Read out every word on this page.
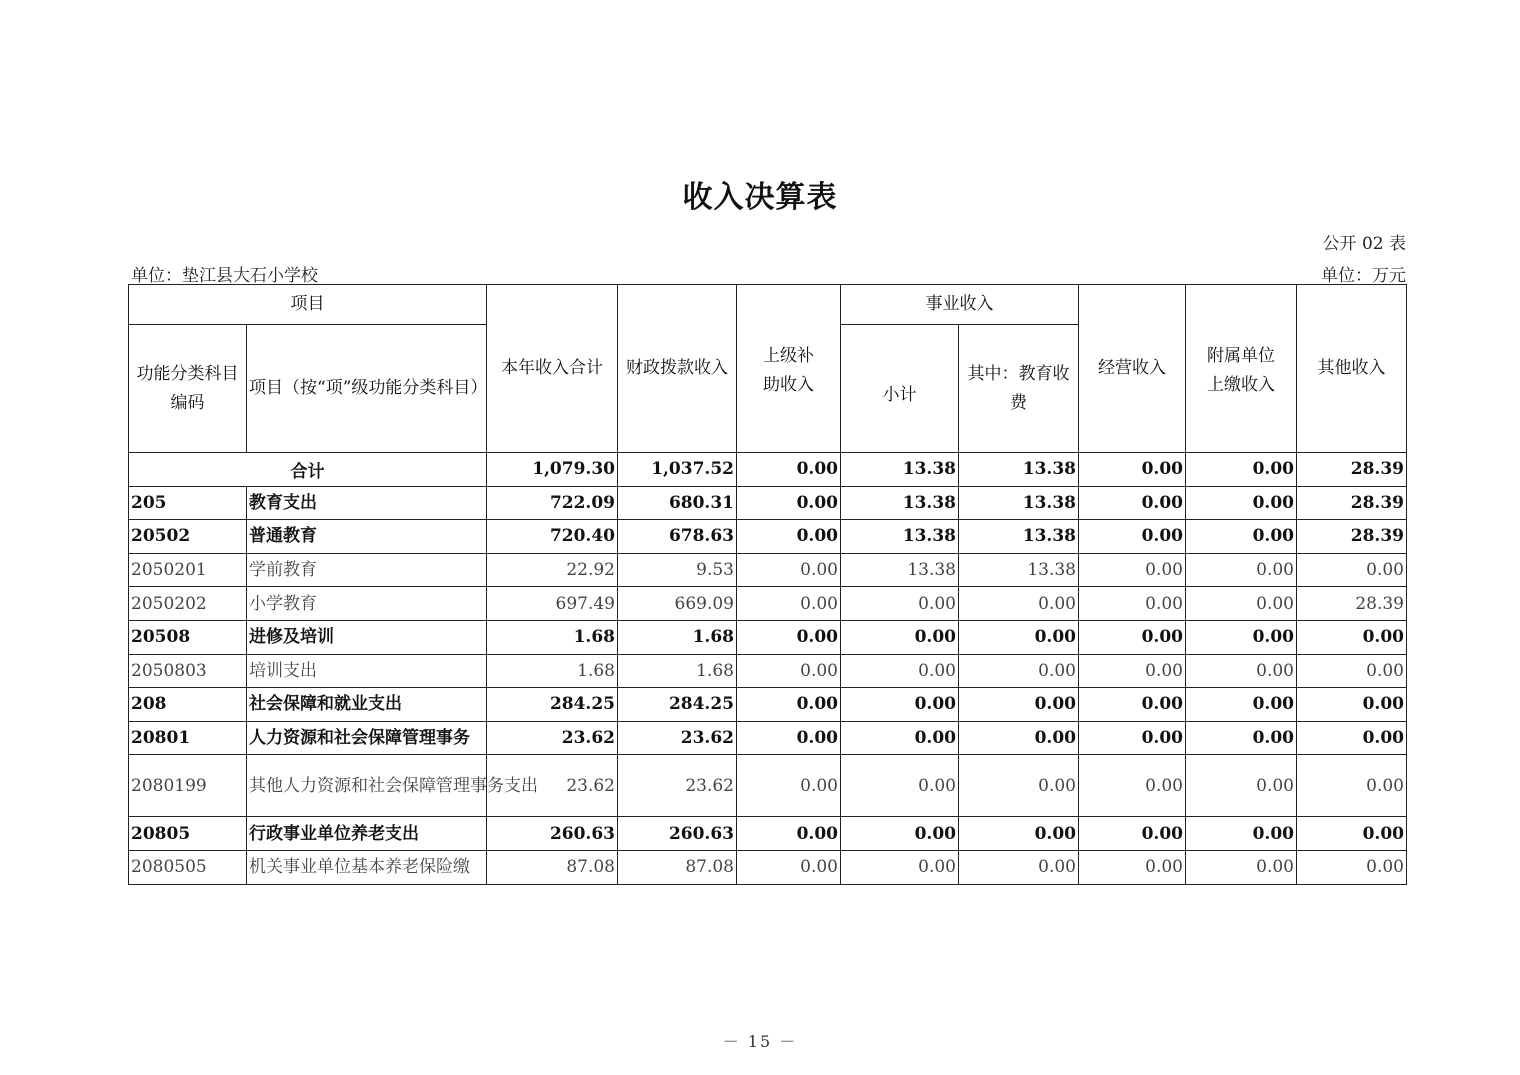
收入决算表
公开 02 表
单位：垫江县大石小学校	单位：万元
项目		本年收入合计	财政拨款收入	上级补助收入	事业收入		经营收入	附属单位上缴收入	其他收入
功能分类科目编码	项目（按“项”级功能分类科目）				小计	其中：教育收费			
合计		1,079.30	1,037.52	0.00	13.38	13.38	0.00	0.00	28.39
205	教育支出	722.09	680.31	0.00	13.38	13.38	0.00	0.00	28.39
20502	普通教育	720.40	678.63	0.00	13.38	13.38	0.00	0.00	28.39
2050201	学前教育	22.92	9.53	0.00	13.38	13.38	0.00	0.00	0.00
2050202	小学教育	697.49	669.09	0.00	0.00	0.00	0.00	0.00	28.39
20508	进修及培训	1.68	1.68	0.00	0.00	0.00	0.00	0.00	0.00
2050803	培训支出	1.68	1.68	0.00	0.00	0.00	0.00	0.00	0.00
208	社会保障和就业支出	284.25	284.25	0.00	0.00	0.00	0.00	0.00	0.00
20801	人力资源和社会保障管理事务	23.62	23.62	0.00	0.00	0.00	0.00	0.00	0.00
2080199	其他人力资源和社会保障管理事务支出	23.62	23.62	0.00	0.00	0.00	0.00	0.00	0.00
20805	行政事业单位养老支出	260.63	260.63	0.00	0.00	0.00	0.00	0.00	0.00
2080505	机关事业单位基本养老保险缴	87.08	87.08	0.00	0.00	0.00	0.00	0.00	0.00
－ 15 －
